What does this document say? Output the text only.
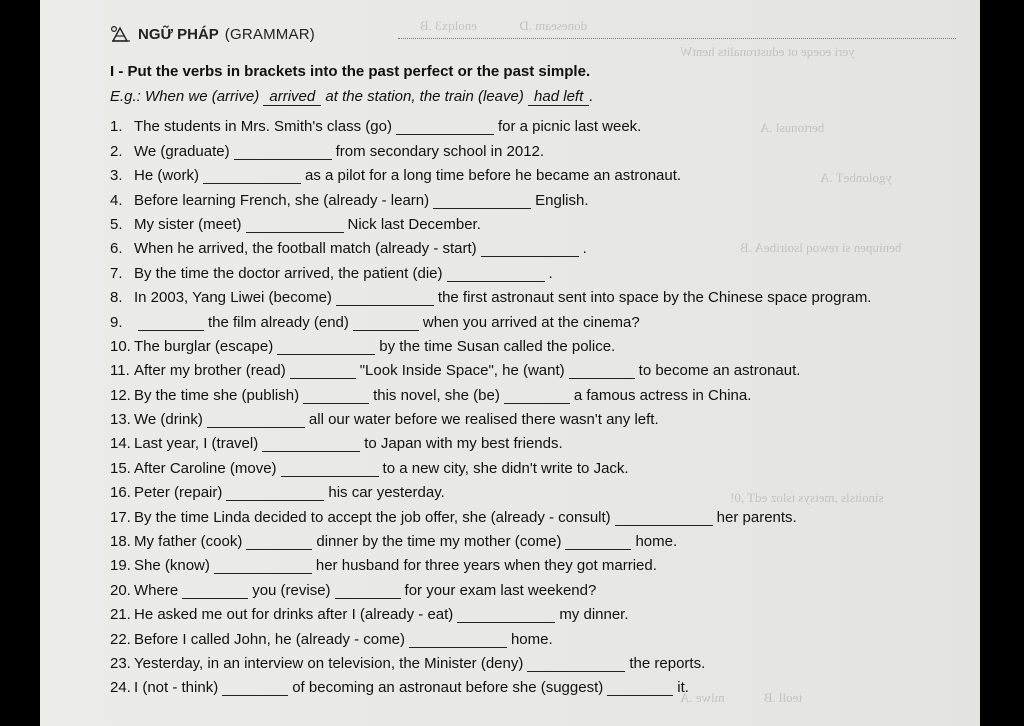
doneseam .D             enolqx3 .B
yeri eoeqe ot edustronalits hentW
bertonusl .A
ygolonbeT .A
beniupen si rewoq lsoiribeA .B
sinoitsls ,metsys tsloz edT ,0!
teoll .B            mlwe .A
NGỮ PHÁP (GRAMMAR)
I - Put the verbs in brackets into the past perfect or the past simple.
E.g.: When we (arrive) arrived at the station, the train (leave) had left .
1. The students in Mrs. Smith's class (go)	for a picnic last week.
2. We (graduate)	from secondary school in 2012.
3. He (work)	as a pilot for a long time before he became an astronaut.
4. Before learning French, she (already - learn)	English.
5. My sister (meet)	Nick last December.
6. When he arrived, the football match (already - start)	.
7. By the time the doctor arrived, the patient (die)	.
8. In 2003, Yang Liwei (become)	the first astronaut sent into space by the Chinese space program.
9.	the film already (end)	when you arrived at the cinema?
10. The burglar (escape)	by the time Susan called the police.
11. After my brother (read)	"Look Inside Space", he (want)	to become an astronaut.
12. By the time she (publish)	this novel, she (be)	a famous actress in China.
13. We (drink)	all our water before we realised there wasn't any left.
14. Last year, I (travel)	to Japan with my best friends.
15. After Caroline (move)	to a new city, she didn't write to Jack.
16. Peter (repair)	his car yesterday.
17. By the time Linda decided to accept the job offer, she (already - consult)	her parents.
18. My father (cook)	dinner by the time my mother (come)	home.
19. She (know)	her husband for three years when they got married.
20. Where	you (revise)	for your exam last weekend?
21. He asked me out for drinks after I (already - eat)	my dinner.
22. Before I called John, he (already - come)	home.
23. Yesterday, in an interview on television, the Minister (deny)	the reports.
24. I (not - think)	of becoming an astronaut before she (suggest)	it.
